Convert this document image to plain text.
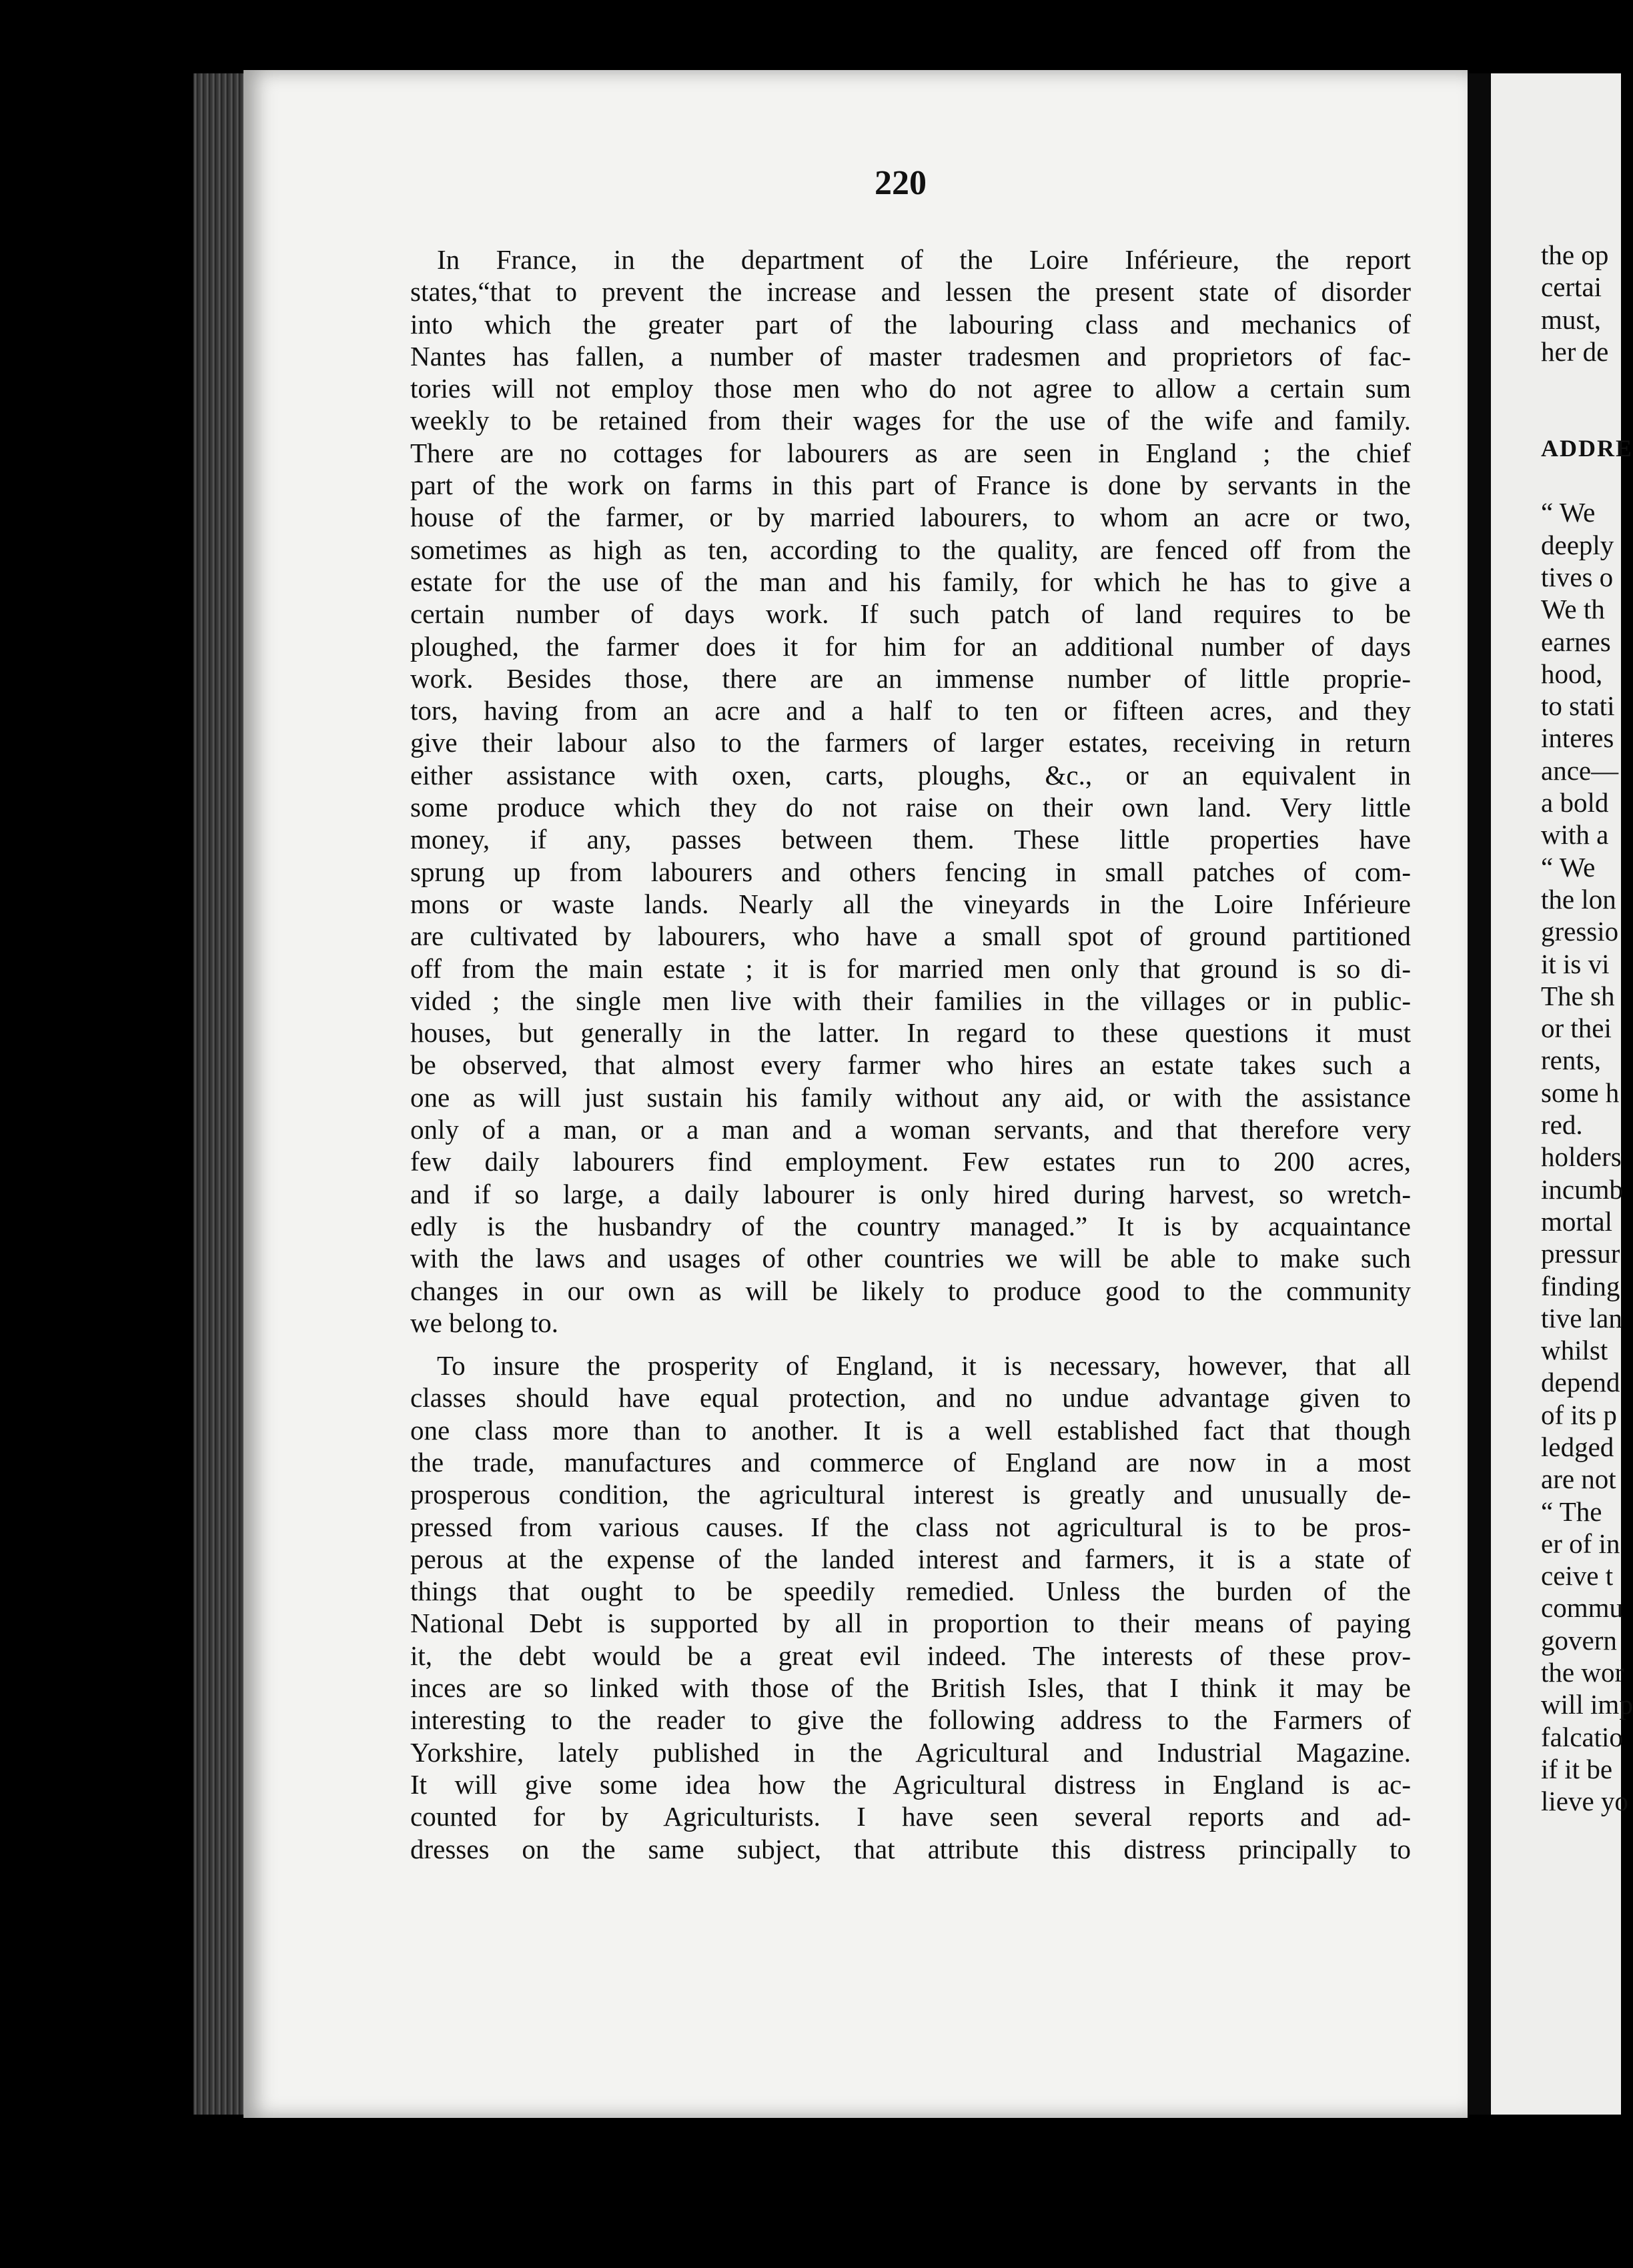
220
In France, in the department of the Loire Inférieure, the report
states,“that to prevent the increase and lessen the present state of disorder
into which the greater part of the labouring class and mechanics of
Nantes has fallen, a number of master tradesmen and proprietors of fac-
tories will not employ those men who do not agree to allow a certain sum
weekly to be retained from their wages for the use of the wife and family.
There are no cottages for labourers as are seen in England ; the chief
part of the work on farms in this part of France is done by servants in the
house of the farmer, or by married labourers, to whom an acre or two,
sometimes as high as ten, according to the quality, are fenced off from the
estate for the use of the man and his family, for which he has to give a
certain number of days work. If such patch of land requires to be
ploughed, the farmer does it for him for an additional number of days
work. Besides those, there are an immense number of little proprie-
tors, having from an acre and a half to ten or fifteen acres, and they
give their labour also to the farmers of larger estates, receiving in return
either assistance with oxen, carts, ploughs, &c., or an equivalent in
some produce which they do not raise on their own land. Very little
money, if any, passes between them. These little properties have
sprung up from labourers and others fencing in small patches of com-
mons or waste lands. Nearly all the vineyards in the Loire Inférieure
are cultivated by labourers, who have a small spot of ground partitioned
off from the main estate ; it is for married men only that ground is so di-
vided ; the single men live with their families in the villages or in public-
houses, but generally in the latter. In regard to these questions it must
be observed, that almost every farmer who hires an estate takes such a
one as will just sustain his family without any aid, or with the assistance
only of a man, or a man and a woman servants, and that therefore very
few daily labourers find employment. Few estates run to 200 acres,
and if so large, a daily labourer is only hired during harvest, so wretch-
edly is the husbandry of the country managed.” It is by acquaintance
with the laws and usages of other countries we will be able to make such
changes in our own as will be likely to produce good to the community
we belong to.
To insure the prosperity of England, it is necessary, however, that all
classes should have equal protection, and no undue advantage given to
one class more than to another. It is a well established fact that though
the trade, manufactures and commerce of England are now in a most
prosperous condition, the agricultural interest is greatly and unusually de-
pressed from various causes. If the class not agricultural is to be pros-
perous at the expense of the landed interest and farmers, it is a state of
things that ought to be speedily remedied. Unless the burden of the
National Debt is supported by all in proportion to their means of paying
it, the debt would be a great evil indeed. The interests of these prov-
inces are so linked with those of the British Isles, that I think it may be
interesting to the reader to give the following address to the Farmers of
Yorkshire, lately published in the Agricultural and Industrial Magazine.
It will give some idea how the Agricultural distress in England is ac-
counted for by Agriculturists. I have seen several reports and ad-
dresses on the same subject, that attribute this distress principally to
the op
certai
must,
her de

ADDRE

“ We
deeply
tives o
We th
earnes
hood,
to stati
interes
ance—
a bold
with a
“ We
the lon
gressio
it is vi
The sh
or thei
rents,
some h
red.
holders
incumb
mortal
pressur
finding
tive lan
whilst
depend
of its p
ledged
are not
“ The
er of in
ceive t
commu
govern
the wor
will imp
falcatio
if it be
lieve yo
